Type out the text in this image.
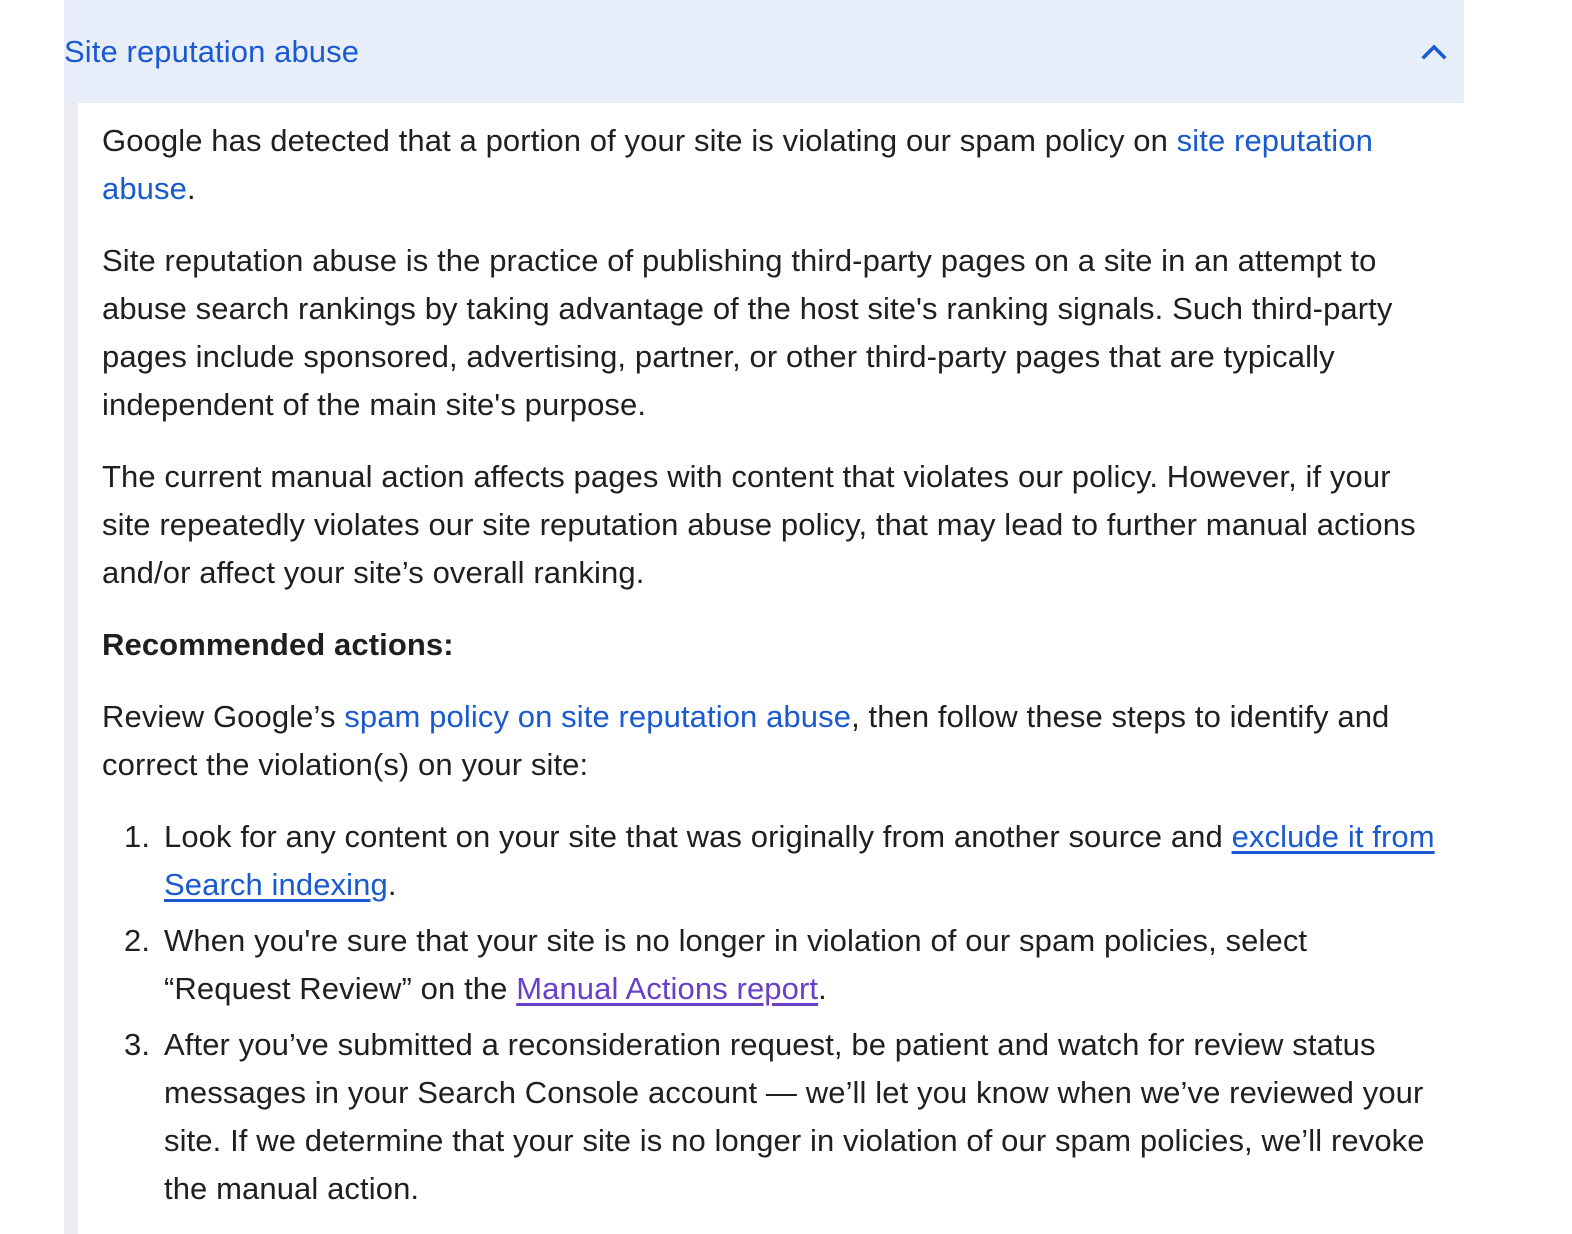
Site reputation abuse

Google has detected that a portion of your site is violating our spam policy on site reputation abuse.

Site reputation abuse is the practice of publishing third-party pages on a site in an attempt to abuse search rankings by taking advantage of the host site's ranking signals. Such third-party pages include sponsored, advertising, partner, or other third-party pages that are typically independent of the main site's purpose.

The current manual action affects pages with content that violates our policy. However, if your site repeatedly violates our site reputation abuse policy, that may lead to further manual actions and/or affect your site’s overall ranking.

Recommended actions:

Review Google’s spam policy on site reputation abuse, then follow these steps to identify and correct the violation(s) on your site:

1. Look for any content on your site that was originally from another source and exclude it from Search indexing.
2. When you're sure that your site is no longer in violation of our spam policies, select “Request Review” on the Manual Actions report.
3. After you’ve submitted a reconsideration request, be patient and watch for review status messages in your Search Console account — we’ll let you know when we’ve reviewed your site. If we determine that your site is no longer in violation of our spam policies, we’ll revoke the manual action.
